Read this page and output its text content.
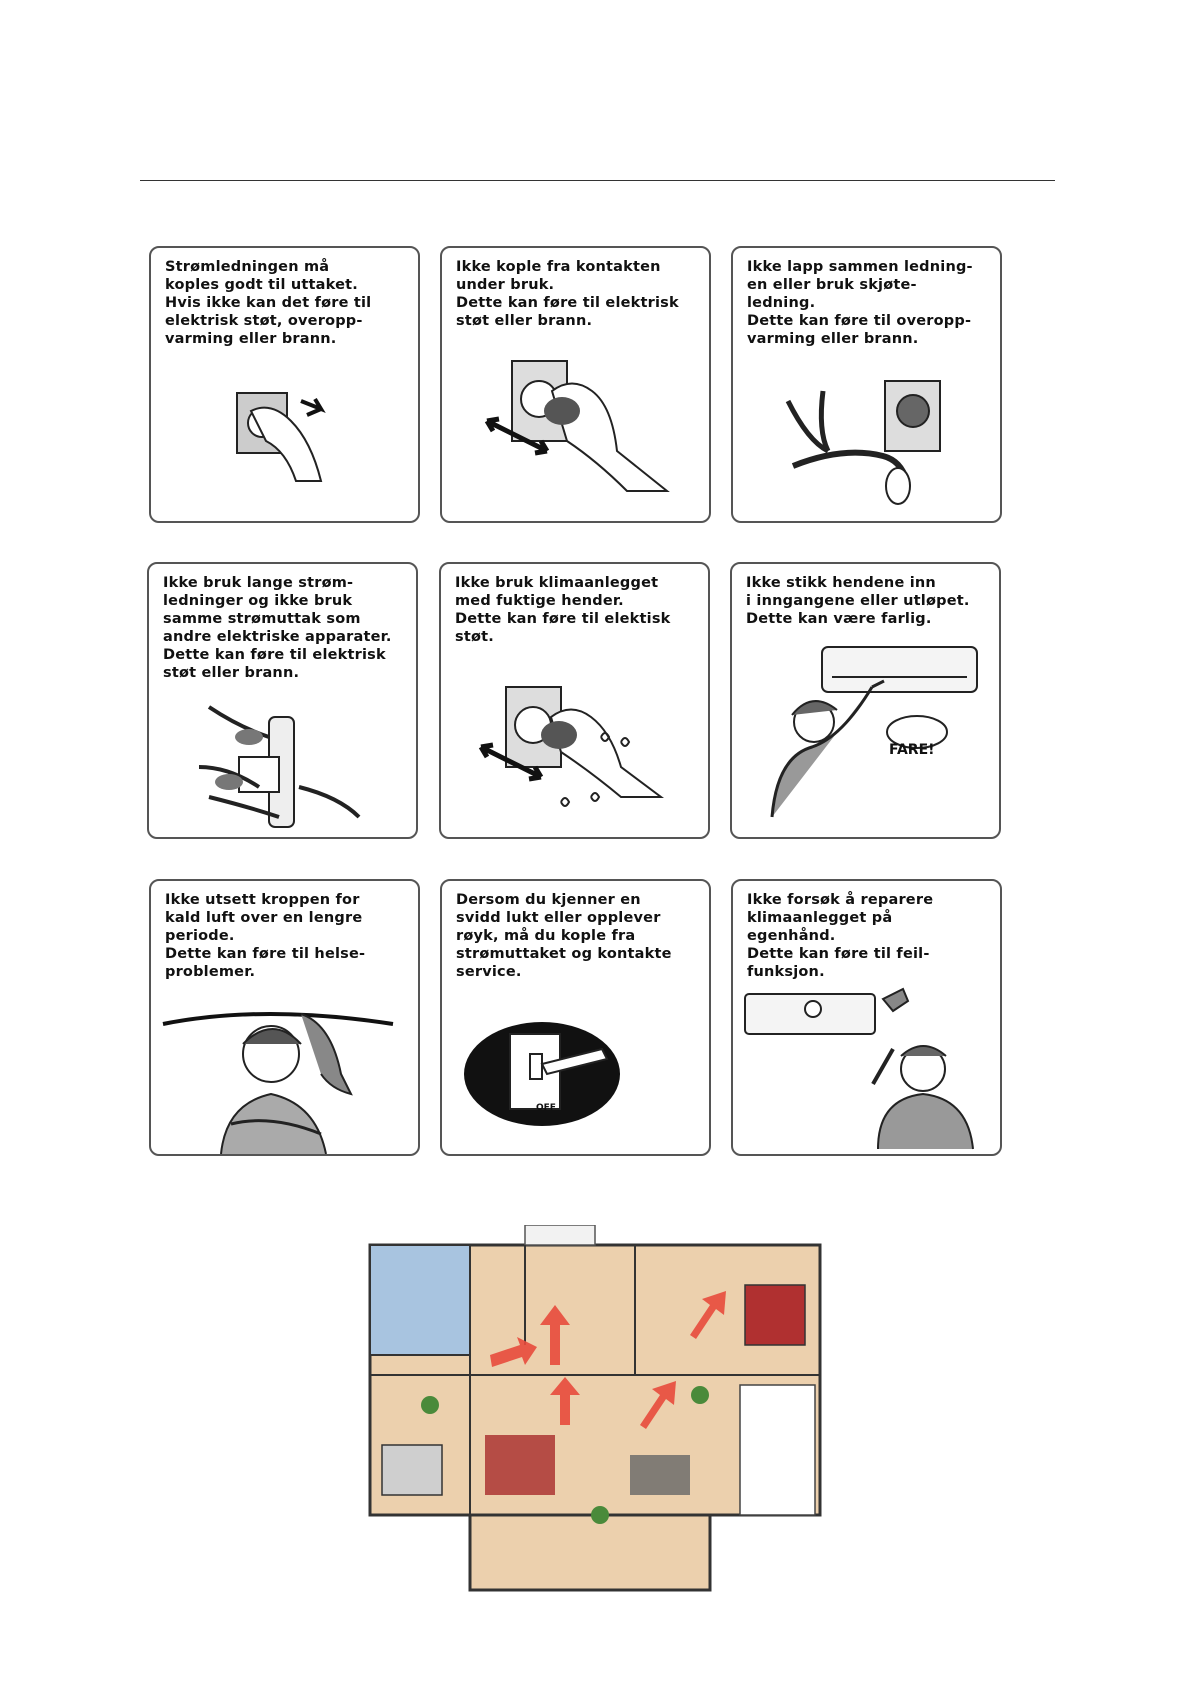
Strømledningen må
koples godt til uttaket.
Hvis ikke kan det føre til
elektrisk støt, overopp-
varming eller brann.
Ikke kople fra kontakten
under bruk.
Dette kan føre til elektrisk
støt eller brann.
Ikke lapp sammen ledning-
en eller bruk skjøte-
ledning.
Dette kan føre til overopp-
varming eller brann.
Ikke bruk lange strøm-
ledninger og ikke bruk
samme strømuttak som
andre elektriske apparater.
Dette kan føre til elektrisk
støt eller brann.
Ikke bruk klimaanlegget
med fuktige hender.
Dette kan føre til elektisk
støt.
Ikke stikk hendene inn
i inngangene eller utløpet.
Dette kan være farlig.
FARE!
Ikke utsett kroppen for
kald luft over en lengre
periode.
Dette kan føre til helse-
problemer.
Dersom du kjenner en
svidd lukt eller opplever
røyk, må du kople fra
strømuttaket og kontakte
service.
OFF
Ikke forsøk å reparere
klimaanlegget på
egenhånd.
Dette kan føre til feil-
funksjon.
